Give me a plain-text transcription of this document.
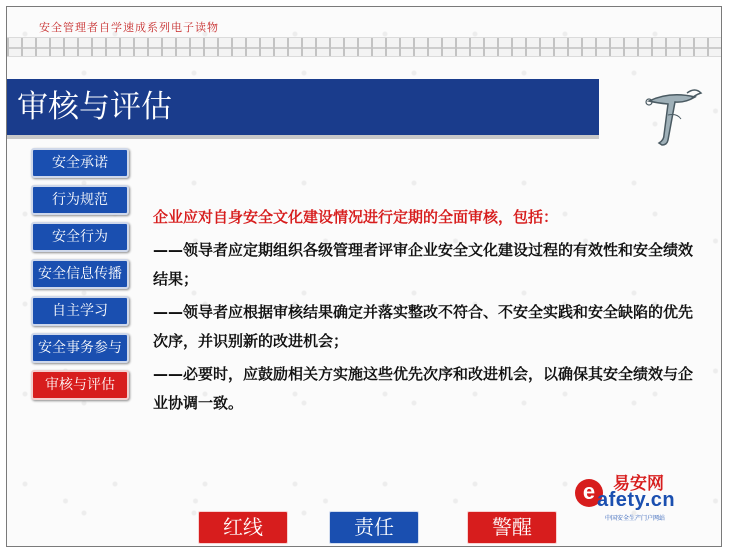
安全管理者自学速成系列电子读物
审核与评估
安全承诺
行为规范
安全行为
安全信息传播
自主学习
安全事务参与
审核与评估
企业应对自身安全文化建设情况进行定期的全面审核，包括：
——领导者应定期组织各级管理者评审企业安全文化建设过程的有效性和安全绩效结果；
——领导者应根据审核结果确定并落实整改不符合、不安全实践和安全缺陷的优先次序，并识别新的改进机会；
——必要时，应鼓励相关方实施这些优先次序和改进机会，以确保其安全绩效与企业协调一致。
易安网
e afety.cn
中国安全生产门户网站
红线	责任	警醒
